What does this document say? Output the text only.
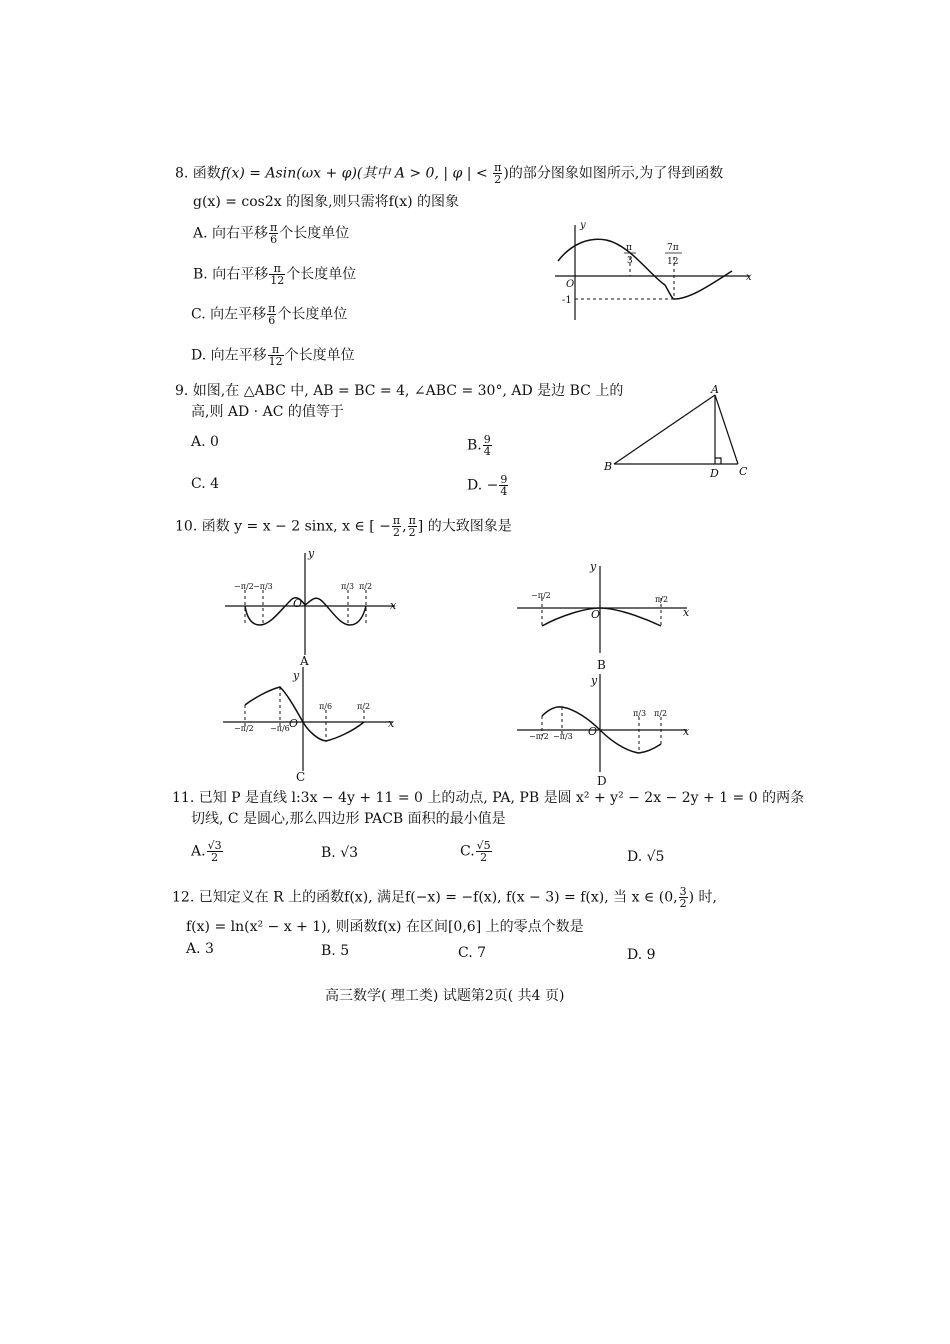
8. 函数f(x) = Asin(ωx + φ)(其中 A > 0, | φ | < $\frac{\pi}{2}$ )的部分图象如图所示,为了得到函数
g(x) = cos2x 的图象,则只需将f(x) 的图象
A. 向右平移 $\frac{\pi}{6}$ 个长度单位
B. 向右平移 $\frac{\pi}{12}$ 个长度单位
C. 向左平移 $\frac{\pi}{6}$ 个长度单位
D. 向左平移 $\frac{\pi}{12}$ 个长度单位
y
x
O
-1
π
3
7π
12
9. 如图,在 △ABC 中, AB = BC = 4, ∠ABC = 30°, AD 是边 BC 上的
高,则 AD · AC 的值等于
A. 0	B. $\frac{9}{4}$
C. 4	D. − $\frac{9}{4}$
A
B	C
D
10. 函数 y = x − 2 sinx, x ∈ [ − $\frac{\pi}{2}$ , $\frac{\pi}{2}$ ] 的大致图象是
y
x
O
−π/2 −π/3	π/3 π/2
A
y
x
O
−π/2	π/2
B
y
x
O
−π/2 −π/6
π/6	π/2
C
y
x
O
−π/2 −π/3
π/3 π/2
D
11. 已知 P 是直线 l:3x − 4y + 11 = 0 上的动点, PA, PB 是圆 x² + y² − 2x − 2y + 1 = 0 的两条
切线, C 是圆心,那么四边形 PACB 面积的最小值是
A. $\frac{√3}{2}$	B. √3	C. $\frac{√5}{2}$	D. √5
12. 已知定义在 R 上的函数f(x), 满足f(−x) = −f(x), f(x − 3) = f(x), 当 x ∈ (0, $\frac{3}{2}$ ) 时,
f(x) = ln(x² − x + 1), 则函数f(x) 在区间[0,6] 上的零点个数是
A. 3	B. 5	C. 7	D. 9
高三数学( 理工类) 试题第2页( 共4 页)
